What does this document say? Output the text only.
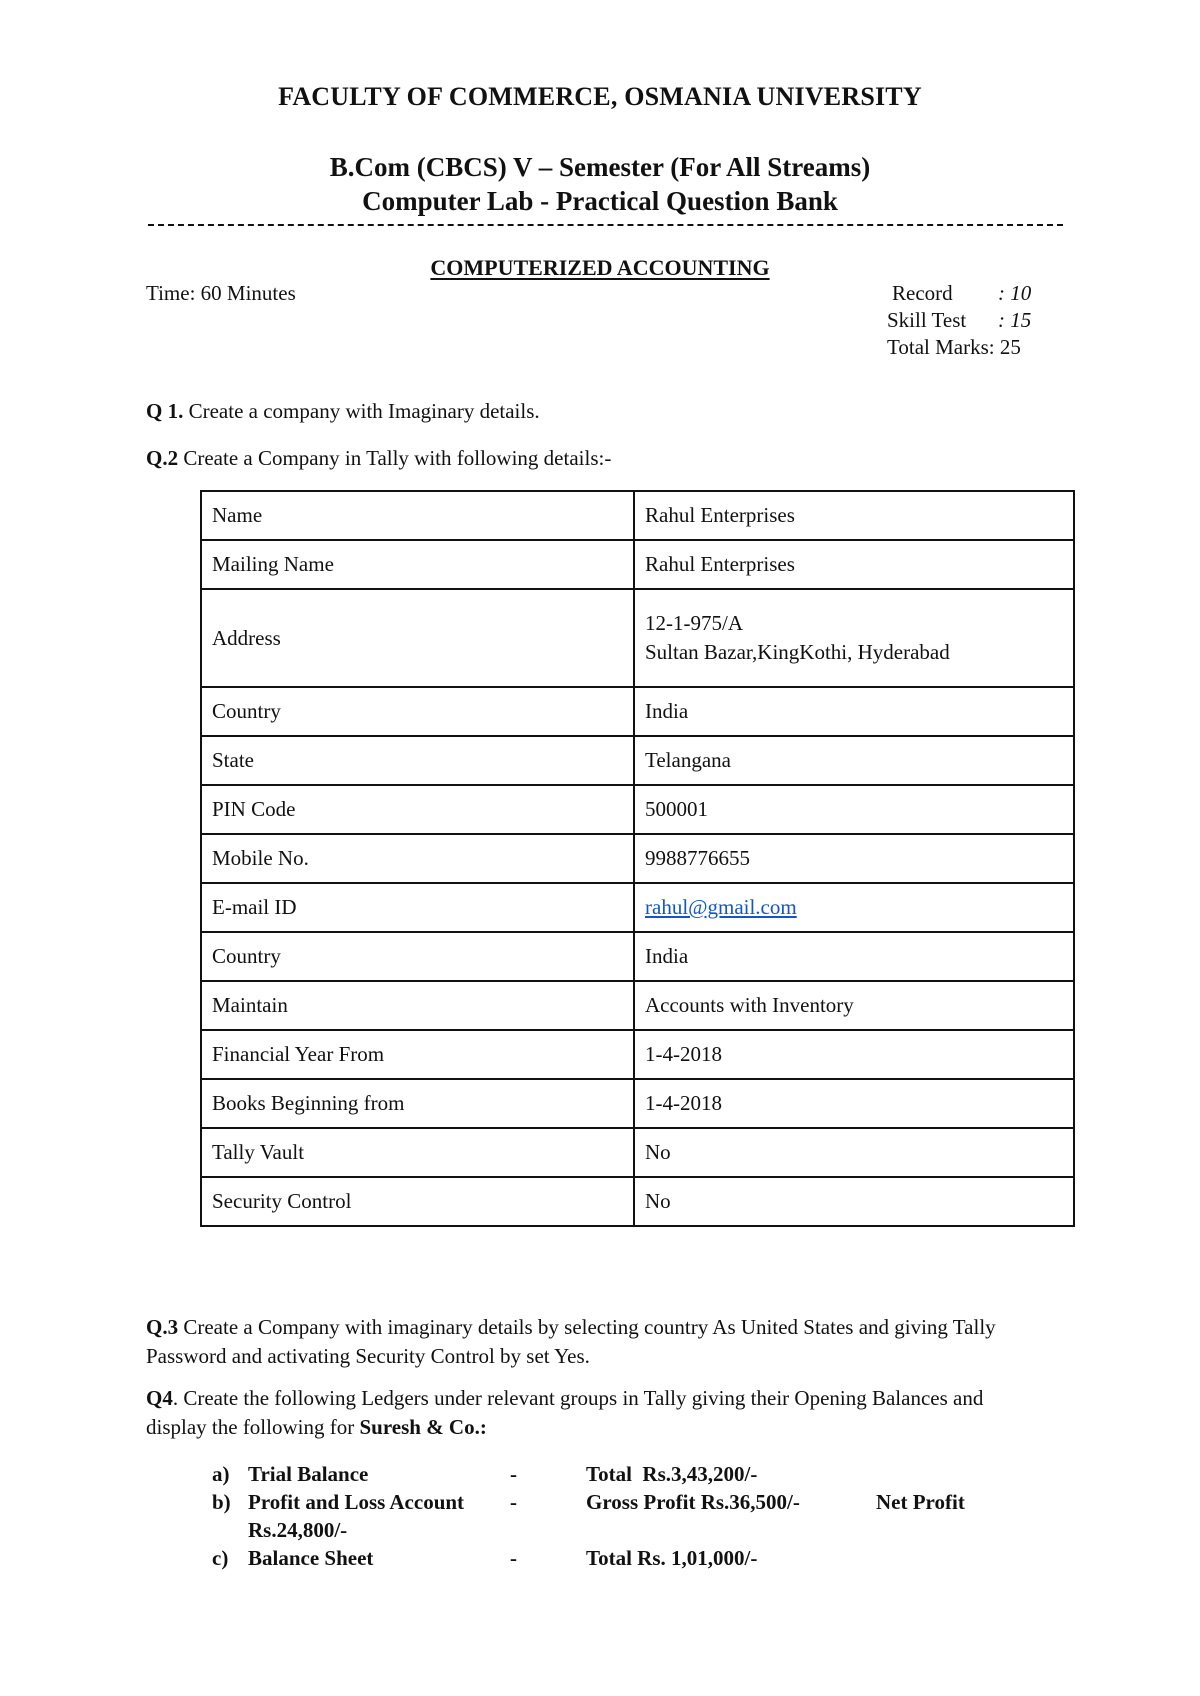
FACULTY OF COMMERCE, OSMANIA UNIVERSITY
B.Com (CBCS) V – Semester (For All Streams)
Computer Lab - Practical Question Bank
COMPUTERIZED ACCOUNTING
Time: 60 Minutes	Record : 10
Skill Test : 15
Total Marks: 25
Q 1. Create a company with Imaginary details.
Q.2 Create a Company in Tally with following details:-
Name	Rahul Enterprises
Mailing Name	Rahul Enterprises
Address	12-1-975/A
Sultan Bazar,KingKothi, Hyderabad

Country	India
State	Telangana
PIN Code	500001
Mobile No.	9988776655
E-mail ID	rahul@gmail.com
Country	India
Maintain	Accounts with Inventory
Financial Year From	1-4-2018
Books Beginning from	1-4-2018
Tally Vault	No
Security Control	No
Q.3 Create a Company with imaginary details by selecting country As United States and giving Tally Password and activating Security Control by set Yes.
Q4. Create the following Ledgers under relevant groups in Tally giving their Opening Balances and display the following for Suresh & Co.:
a) Trial Balance	-	Total  Rs.3,43,200/-
b) Profit and Loss Account -	Gross Profit Rs.36,500/-	Net Profit
Rs.24,800/-
c) Balance Sheet	-	Total Rs. 1,01,000/-
